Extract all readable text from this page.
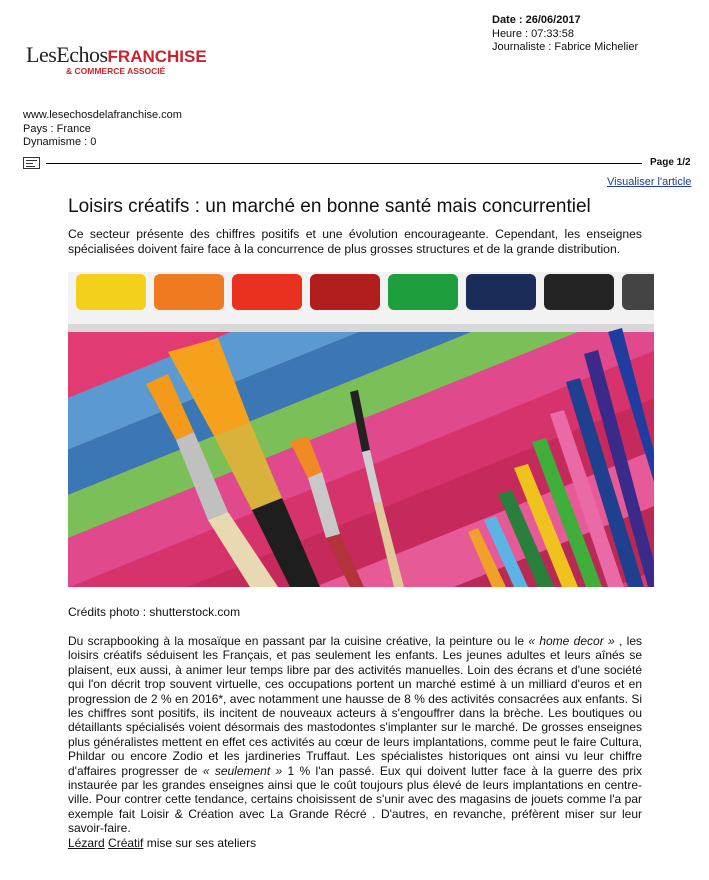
LesEchosFRANCHISE
& COMMERCE ASSOCIÉ
Date : 26/06/2017
Heure : 07:33:58
Journaliste : Fabrice Michelier
www.lesechosdelafranchise.com
Pays : France
Dynamisme : 0
Page 1/2
Visualiser l'article
Loisirs créatifs : un marché en bonne santé mais concurrentiel
Ce secteur présente des chiffres positifs et une évolution encourageante. Cependant, les enseignes spécialisées doivent faire face à la concurrence de plus grosses structures et de la grande distribution.
Crédits photo : shutterstock.com
Du scrapbooking à la mosaïque en passant par la cuisine créative, la peinture ou le « home decor » , les loisirs créatifs séduisent les Français, et pas seulement les enfants. Les jeunes adultes et leurs aînés se plaisent, eux aussi, à animer leur temps libre par des activités manuelles. Loin des écrans et d'une société qui l'on décrit trop souvent virtuelle, ces occupations portent un marché estimé à un milliard d'euros et en progression de 2 % en 2016*, avec notamment une hausse de 8 % des activités consacrées aux enfants. Si les chiffres sont positifs, ils incitent de nouveaux acteurs à s'engouffrer dans la brèche. Les boutiques ou détaillants spécialisés voient désormais des mastodontes s'implanter sur le marché. De grosses enseignes plus généralistes mettent en effet ces activités au cœur de leurs implantations, comme peut le faire Cultura, Phildar ou encore Zodio et les jardineries Truffaut. Les spécialistes historiques ont ainsi vu leur chiffre d'affaires progresser de « seulement » 1 % l'an passé. Eux qui doivent lutter face à la guerre des prix instaurée par les grandes enseignes ainsi que le coût toujours plus élevé de leurs implantations en centre-ville. Pour contrer cette tendance, certains choisissent de s'unir avec des magasins de jouets comme l'a par exemple fait Loisir & Création avec La Grande Récré . D'autres, en revanche, préfèrent miser sur leur savoir-faire.
Lézard Créatif mise sur ses ateliers
